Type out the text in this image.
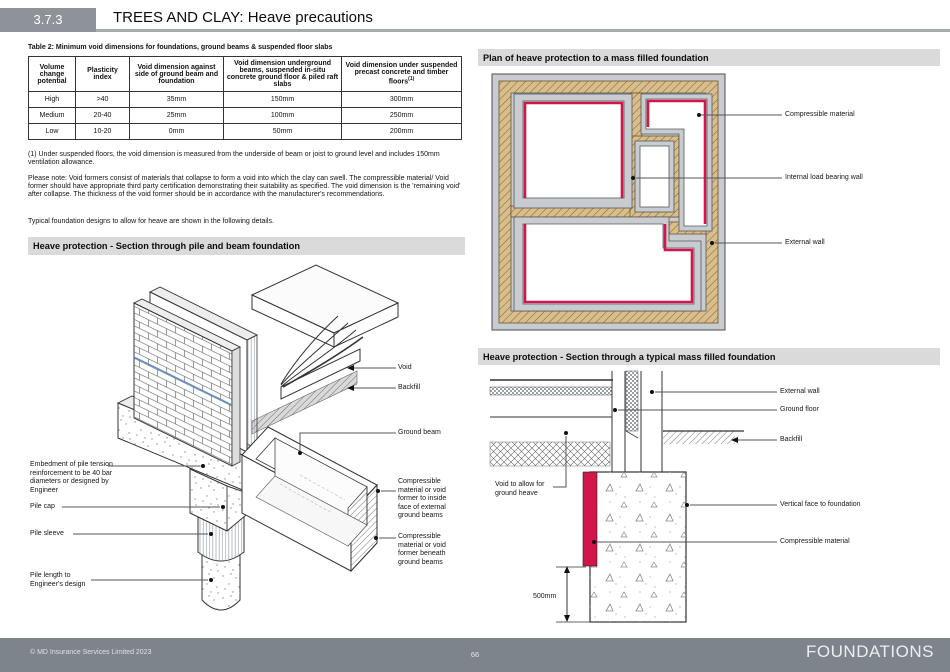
3.7.3	TREES AND CLAY: Heave precautions
Table 2: Minimum void dimensions for foundations, ground beams & suspended floor slabs
Volume change potential	Plasticity index	Void dimension against side of ground beam and foundation	Void dimension underground beams, suspended in-situ concrete ground floor & piled raft slabs	Void dimension under suspended precast concrete and timber floors$^{(1)}$
High	>40	35mm	150mm	300mm
Medium	20-40	25mm	100mm	250mm
Low	10-20	0mm	50mm	200mm
(1) Under suspended floors, the void dimension is measured from the underside of beam or joist to ground level and includes 150mm ventilation allowance.
Please note: Void formers consist of materials that collapse to form a void into which the clay can swell. The compressible material/ Void former should have appropriate third party certification demonstrating their suitability as specified. The void dimension is the 'remaining void' after collapse. The thickness of the void former should be in accordance with the manufacturer's recommendations.
Typical foundation designs to allow for heave are shown in the following details.
Heave protection - Section through pile and beam foundation
Plan of heave protection to a mass filled foundation
Heave protection - Section through a typical mass filled foundation
Compressible material
Internal load bearing wall
External wall
Void
Backfill
Ground beam
Compressible material or void former to inside face of external ground beams
Compressible material or void former beneath ground beams
Embedment of pile tension reinforcement to be 40 bar diameters or designed by Engineer
Pile cap
Pile sleeve
Pile length to Engineer's design
External wall
Ground floor
Backfill
Void to allow for ground heave
Vertical face to foundation
Compressible material
500mm
© MD Insurance Services Limited 2023	66	FOUNDATIONS
